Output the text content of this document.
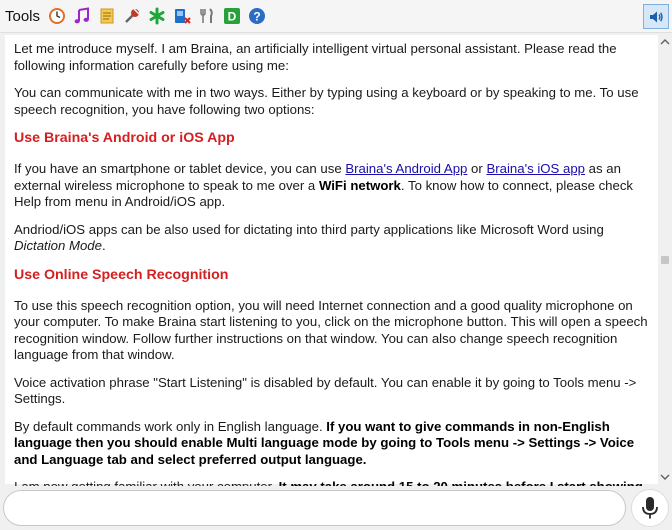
Tools	D ?

Let me introduce myself. I am Braina, an artificially intelligent virtual personal assistant. Please read the following information carefully before using me:

You can communicate with me in two ways. Either by typing using a keyboard or by speaking to me. To use speech recognition, you have following two options:

Use Braina's Android or iOS App

If you have an smartphone or tablet device, you can use Braina's Android App or Braina's iOS app as an external wireless microphone to speak to me over a WiFi network. To know how to connect, please check Help from menu in Android/iOS app.

Andriod/iOS apps can be also used for dictating into third party applications like Microsoft Word using Dictation Mode.

Use Online Speech Recognition

To use this speech recognition option, you will need Internet connection and a good quality microphone on your computer. To make Braina start listening to you, click on the microphone button. This will open a speech recognition window. Follow further instructions on that window. You can also change speech recognition language from that window.

Voice activation phrase "Start Listening" is disabled by default. You can enable it by going to Tools menu -> Settings.

By default commands work only in English language. If you want to give commands in non-English language then you should enable Multi language mode by going to Tools menu -> Settings -> Voice and Language tab and select preferred output language.
